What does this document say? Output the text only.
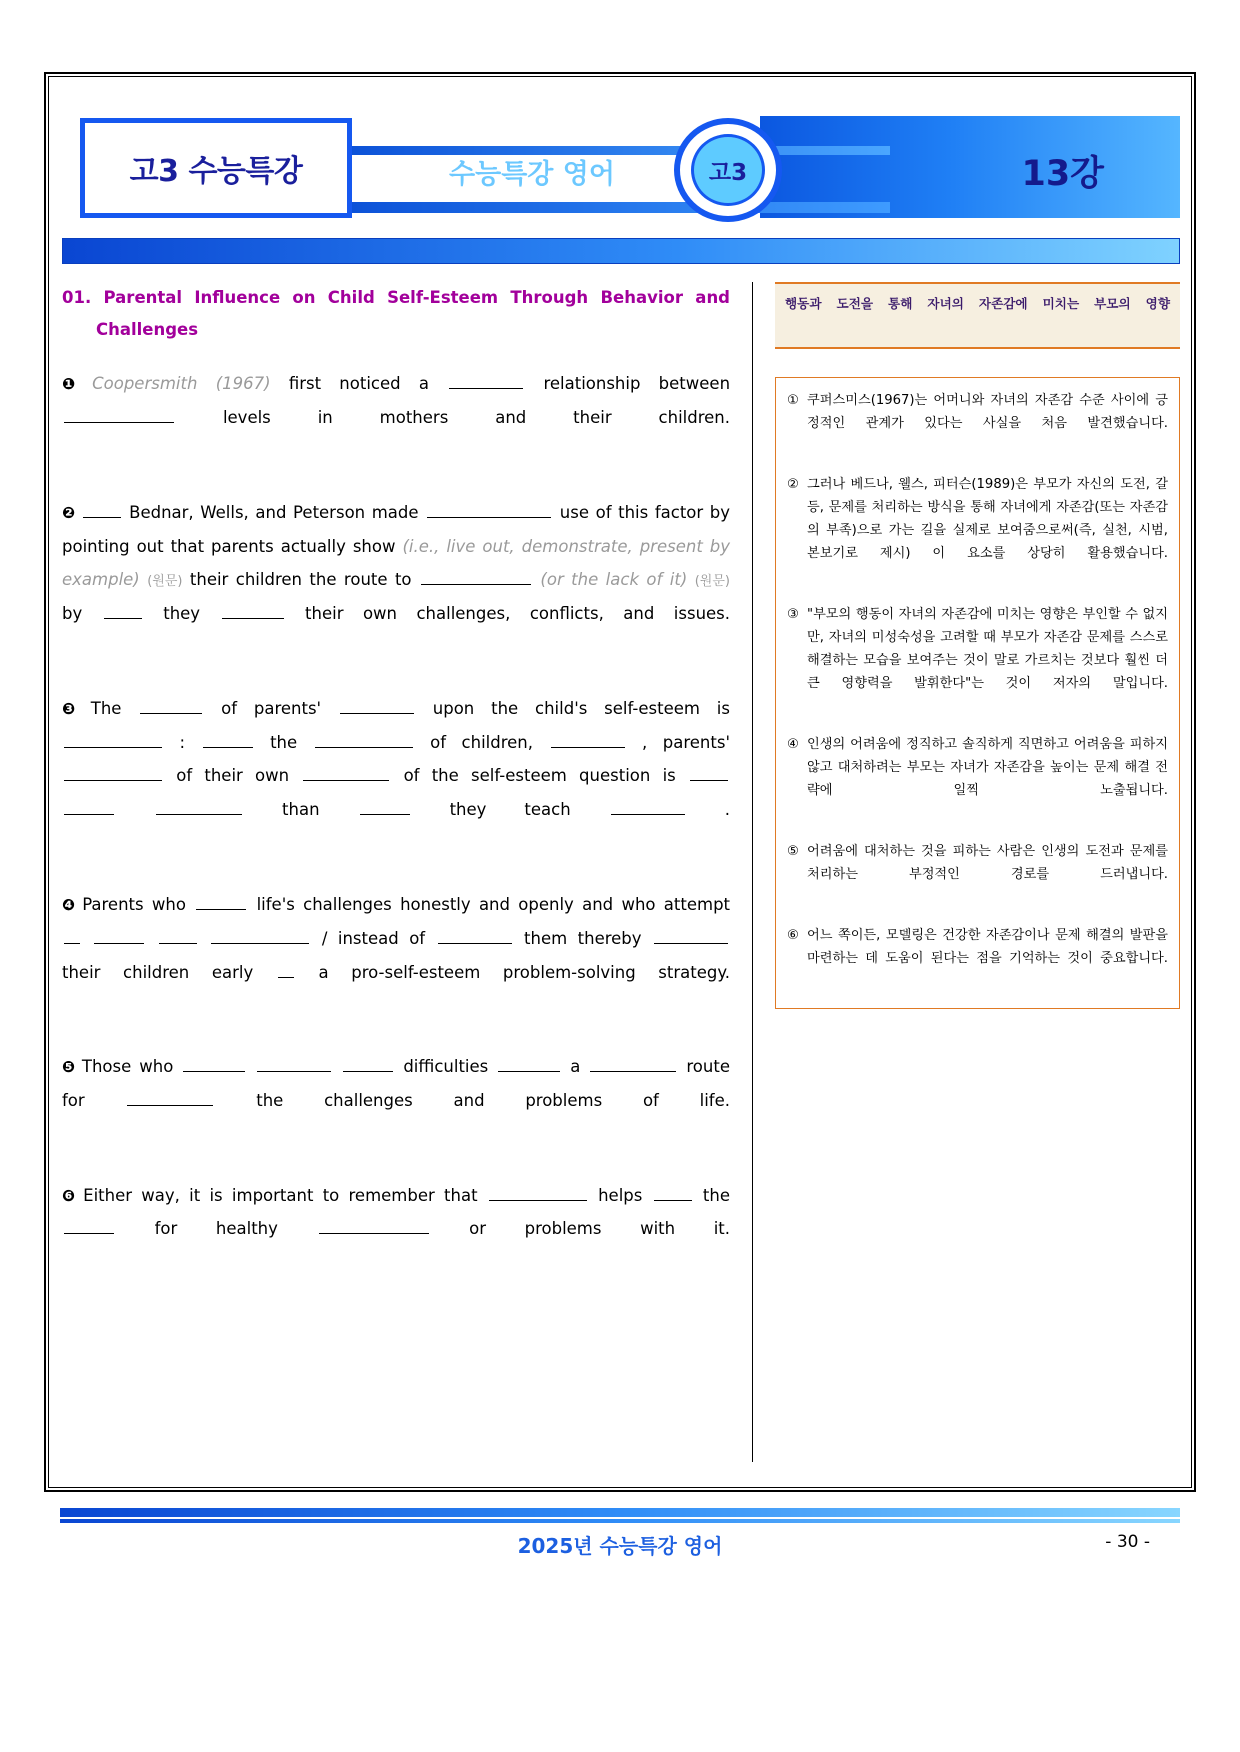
고3 수능특강	수능특강 영어	고3	13강
01. Parental Influence on Child Self-Esteem Through Behavior and Challenges
❶ Coopersmith (1967) first noticed a	relationship between  levels in mothers and their children.
❷	Bednar, Wells, and Peterson made	use of this factor by pointing out that parents actually show (i.e., live out, demonstrate, present by example) (원문) their children the route to	(or the lack of it) (원문) by	they	their own challenges, conflicts, and issues.
❸ The	of parents'	upon the child's self-esteem is  :	the	of children,	, parents'  of their own	of the self-esteem question is    than	they teach	.
❹ Parents who	life's challenges honestly and openly and who attempt     / instead of	them thereby  their children early	a pro-self-esteem problem-solving strategy.
❺ Those who	difficulties	a	route for	the challenges and problems of life.
❻ Either way, it is important to remember that	helps	the  for healthy	or problems with it.
행동과 도전을 통해 자녀의 자존감에 미치는 부모의 영향
① 쿠퍼스미스(1967)는 어머니와 자녀의 자존감 수준 사이에 긍정적인 관계가 있다는 사실을 처음 발견했습니다.
② 그러나 베드나, 웰스, 피터슨(1989)은 부모가 자신의 도전, 갈등, 문제를 처리하는 방식을 통해 자녀에게 자존감(또는 자존감의 부족)으로 가는 길을 실제로 보여줌으로써(즉, 실천, 시범, 본보기로 제시) 이 요소를 상당히 활용했습니다.
③ "부모의 행동이 자녀의 자존감에 미치는 영향은 부인할 수 없지만, 자녀의 미성숙성을 고려할 때 부모가 자존감 문제를 스스로 해결하는 모습을 보여주는 것이 말로 가르치는 것보다 훨씬 더 큰 영향력을 발휘한다"는 것이 저자의 말입니다.
④ 인생의 어려움에 정직하고 솔직하게 직면하고 어려움을 피하지 않고 대처하려는 부모는 자녀가 자존감을 높이는 문제 해결 전략에 일찍 노출됩니다.
⑤ 어려움에 대처하는 것을 피하는 사람은 인생의 도전과 문제를 처리하는 부정적인 경로를 드러냅니다.
⑥ 어느 쪽이든, 모델링은 건강한 자존감이나 문제 해결의 발판을 마련하는 데 도움이 된다는 점을 기억하는 것이 중요합니다.
2025년 수능특강 영어	- 30 -
